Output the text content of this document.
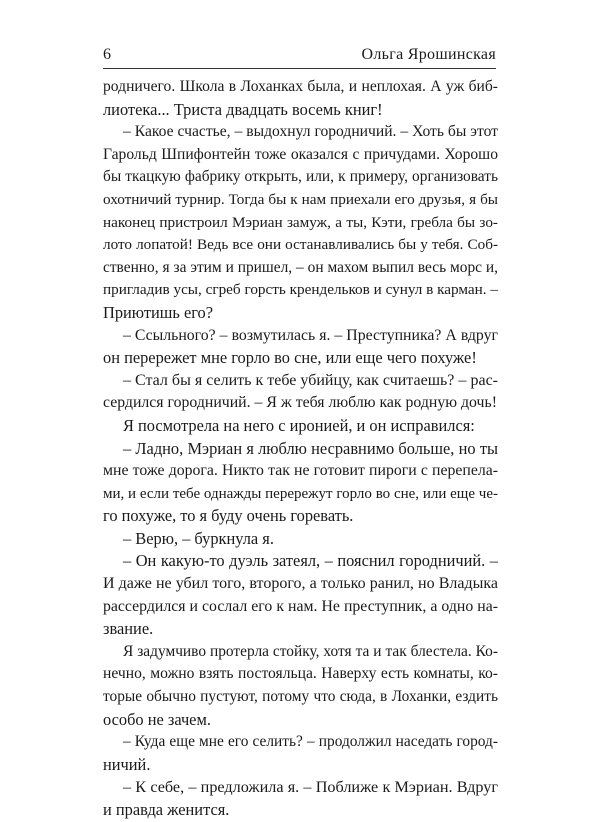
6	Ольга Ярошинская
родничего. Школа в Лоханках была, и неплохая. А уж биб-
лиотека... Триста двадцать восемь книг!
– Какое счастье, – выдохнул городничий. – Хоть бы этот
Гарольд Шпифонтейн тоже оказался с причудами. Хорошо
бы ткацкую фабрику открыть, или, к примеру, организовать
охотничий турнир. Тогда бы к нам приехали его друзья, я бы
наконец пристроил Мэриан замуж, а ты, Кэти, гребла бы зо-
лото лопатой! Ведь все они останавливались бы у тебя. Соб-
ственно, я за этим и пришел, – он махом выпил весь морс и,
пригладив усы, сгреб горсть крендельков и сунул в карман. –
Приютишь его?
– Ссыльного? – возмутилась я. – Преступника? А вдруг
он перережет мне горло во сне, или еще чего похуже!
– Стал бы я селить к тебе убийцу, как считаешь? – рас-
сердился городничий. – Я ж тебя люблю как родную дочь!
Я посмотрела на него с иронией, и он исправился:
– Ладно, Мэриан я люблю несравнимо больше, но ты
мне тоже дорога. Никто так не готовит пироги с перепела-
ми, и если тебе однажды перережут горло во сне, или еще че-
го похуже, то я буду очень горевать.
– Верю, – буркнула я.
– Он какую-то дуэль затеял, – пояснил городничий. –
И даже не убил того, второго, а только ранил, но Владыка
рассердился и сослал его к нам. Не преступник, а одно на-
звание.
Я задумчиво протерла стойку, хотя та и так блестела. Ко-
нечно, можно взять постояльца. Наверху есть комнаты, ко-
торые обычно пустуют, потому что сюда, в Лоханки, ездить
особо не зачем.
– Куда еще мне его селить? – продолжил наседать город-
ничий.
– К себе, – предложила я. – Поближе к Мэриан. Вдруг
и правда женится.
